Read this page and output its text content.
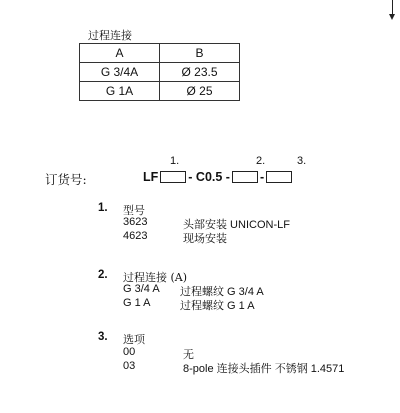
过程连接
A	B
G 3/4A	Ø 23.5
G 1A	Ø 25
订货号:
1.	2.	3.
LF - C0.5 - -
1. 型号
3623	头部安装 UNICON-LF
4623	现场安装
2. 过程连接 (A)
G 3/4 A 过程螺纹 G 3/4 A
G 1 A	过程螺纹 G 1 A
3. 选项
00	无
03	8-pole 连接头插件 不锈钢 1.4571
